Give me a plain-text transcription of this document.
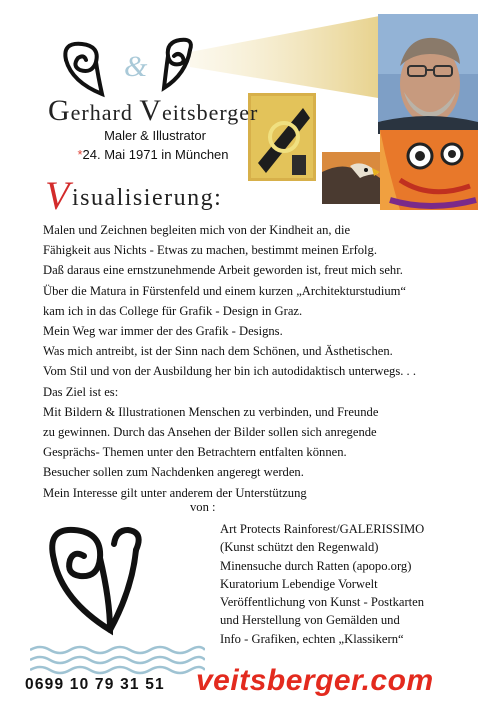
&
Gerhard Veitsberger
Maler & Illustrator
*24. Mai 1971 in München
Visualisierung:
Malen und Zeichnen begleiten mich von der Kindheit an, die
Fähigkeit aus Nichts - Etwas zu machen, bestimmt meinen Erfolg.
Daß daraus eine ernstzunehmende Arbeit geworden ist, freut mich sehr.
Über die Matura in Fürstenfeld und einem kurzen „Architekturstudium“
kam ich in das College für Grafik - Design in Graz.
Mein Weg war immer der des Grafik - Designs.
Was mich antreibt, ist der Sinn nach dem Schönen, und Ästhetischen.
Vom Stil und von der Ausbildung her bin ich autodidaktisch unterwegs. . .
Das Ziel ist es:
Mit Bildern & Illustrationen Menschen zu verbinden, und Freunde
zu gewinnen. Durch das Ansehen der Bilder sollen sich anregende
Gesprächs- Themen unter den Betrachtern entfalten können.
Besucher sollen zum Nachdenken angeregt werden.
Mein Interesse gilt unter anderem der Unterstützung
von :
Art Protects Rainforest/GALERISSIMO
(Kunst schützt den Regenwald)
Minensuche durch Ratten (apopo.org)
Kuratorium Lebendige Vorwelt
Veröffentlichung von Kunst - Postkarten
und Herstellung von Gemälden und
Info - Grafiken, echten „Klassikern“
0699 10 79 31 51 veitsberger.com
